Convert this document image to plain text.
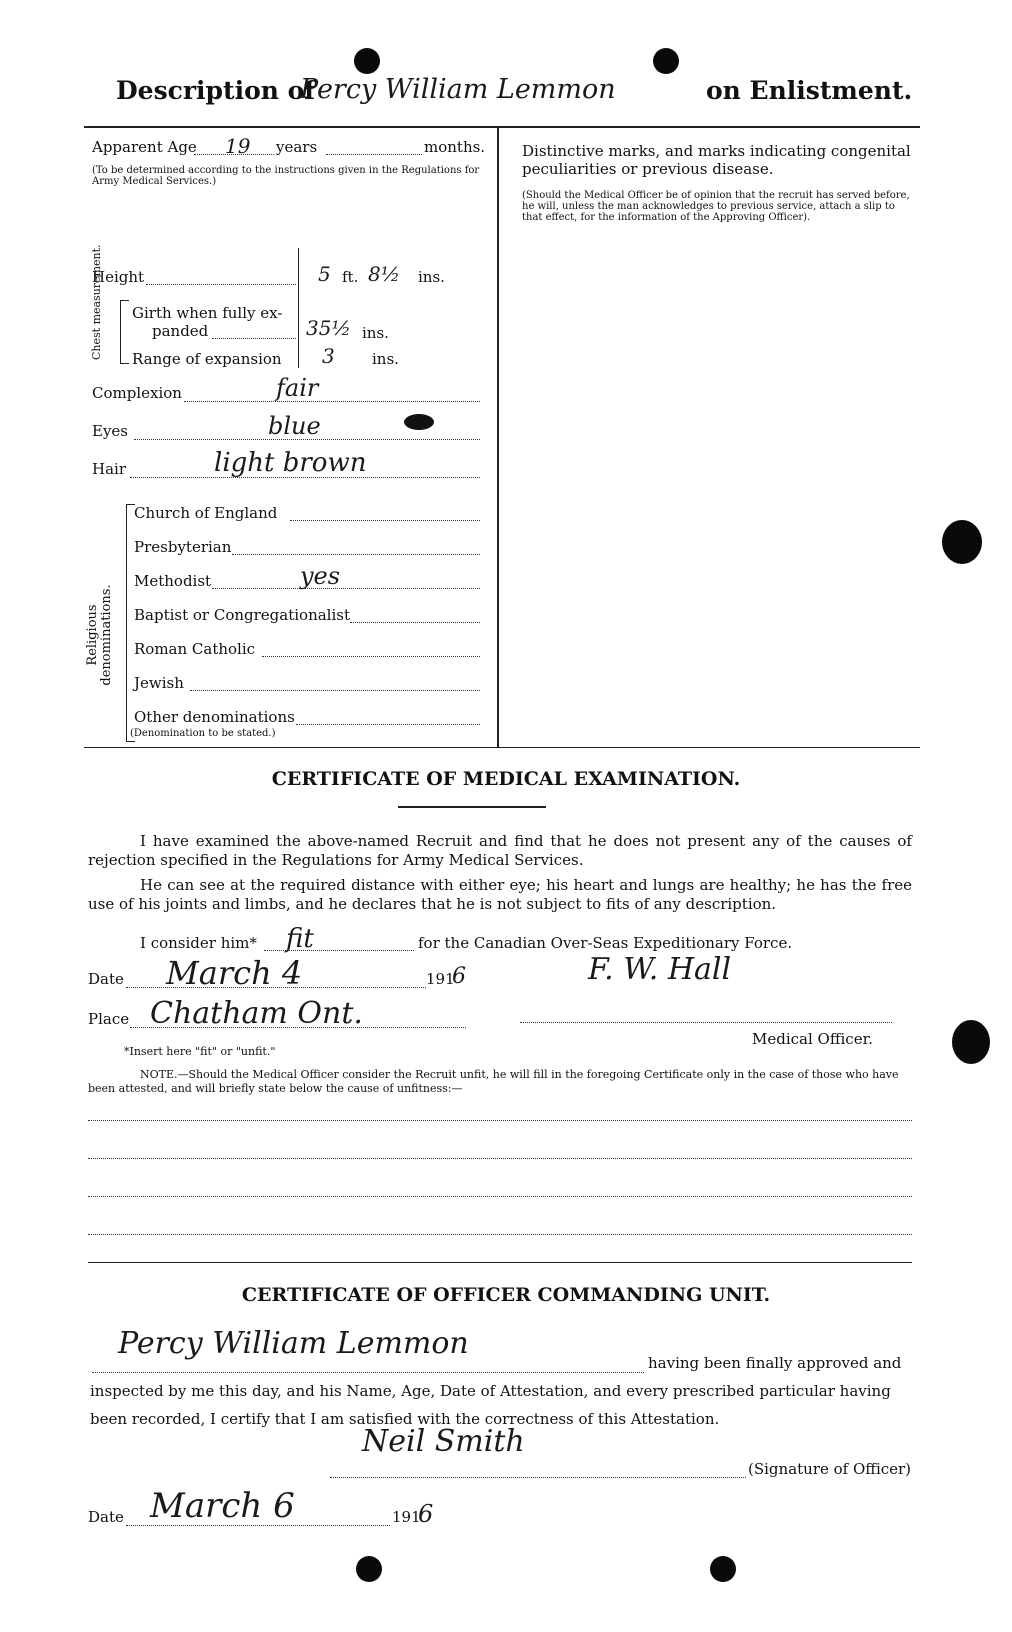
Description of
Percy William Lemmon	on Enlistment.
Apparent Age 19 years	months.
(To be determined according to the instructions given in the Regulations for Army Medical Services.)
Height	5 ft. 8½ ins.
Chest measurement. Girth when fully ex-
panded	35½ ins.
Range of expansion 3 ins.
Complexion	fair
Eyes	blue
Hair	light brown
Religious denominations.
Church of England
Presbyterian
Methodist	yes
Baptist or Congregationalist
Roman Catholic
Jewish
Other denominations
(Denomination to be stated.)
Distinctive marks, and marks indicating congenital peculiarities or previous disease.
(Should the Medical Officer be of opinion that the recruit has served before, he will, unless the man acknowledges to previous service, attach a slip to that effect, for the information of the Approving Officer).
CERTIFICATE OF MEDICAL EXAMINATION.
I have examined the above-named Recruit and find that he does not present any of the causes of rejection specified in the Regulations for Army Medical Services.
He can see at the required distance with either eye; his heart and lungs are healthy; he has the free use of his joints and limbs, and he declares that he is not subject to fits of any description.
I consider him* fit	for the Canadian Over-Seas Expeditionary Force.
Date March 4	191
6	F. W. Hall
Place Chatham Ont.
*Insert here "fit" or "unfit."
Medical Officer.
NOTE.—Should the Medical Officer consider the Recruit unfit, he will fill in the foregoing Certificate only in the case of those who have been attested, and will briefly state below the cause of unfitness:—
CERTIFICATE OF OFFICER COMMANDING UNIT.
Percy William Lemmon
having been finally approved and
inspected by me this day, and his Name, Age, Date of Attestation, and every prescribed particular having
been recorded, I certify that I am satisfied with the correctness of this Attestation.
Neil Smith
(Signature of Officer)
Date March 6	191
6
